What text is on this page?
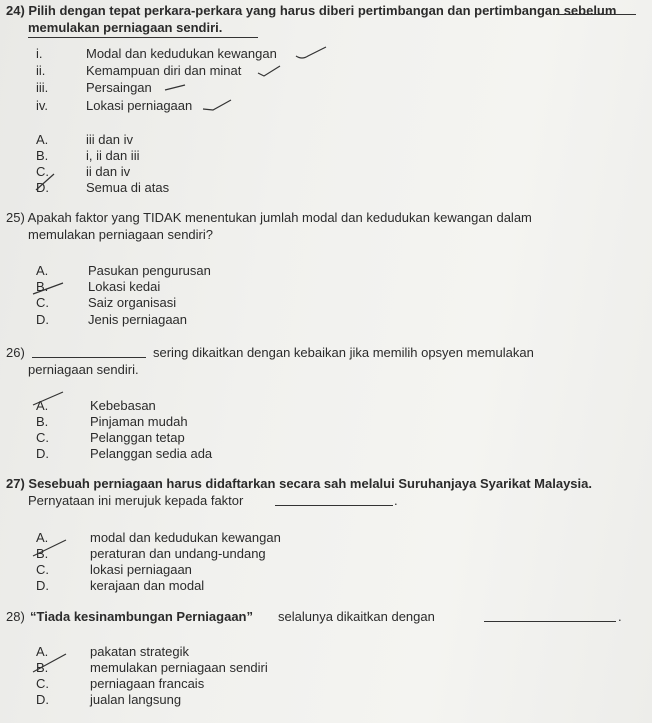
24) Pilih dengan tepat perkara-perkara yang harus diberi pertimbangan dan pertimbangan sebelum
memulakan perniagaan sendiri.
i.	Modal dan kedudukan kewangan
ii.	Kemampuan diri dan minat
iii.	Persaingan
iv.	Lokasi perniagaan
A.	iii dan iv
B.	i, ii dan iii
C.	ii dan iv
D.	Semua di atas
25) Apakah faktor yang TIDAK menentukan jumlah modal dan kedudukan kewangan dalam
memulakan perniagaan sendiri?
A.	Pasukan pengurusan
B.	Lokasi kedai
C.	Saiz organisasi
D.	Jenis perniagaan
26)	sering dikaitkan dengan kebaikan jika memilih opsyen memulakan
perniagaan sendiri.
A.	Kebebasan
B.	Pinjaman mudah
C.	Pelanggan tetap
D.	Pelanggan sedia ada
27) Sesebuah perniagaan harus didaftarkan secara sah melalui Suruhanjaya Syarikat Malaysia.
Pernyataan ini merujuk kepada faktor	.
A.	modal dan kedudukan kewangan
B.	peraturan dan undang-undang
C.	lokasi perniagaan
D.	kerajaan dan modal
28) “Tiada kesinambungan Perniagaan” selalunya dikaitkan dengan	.
A.	pakatan strategik
B.	memulakan perniagaan sendiri
C.	perniagaan francais
D.	jualan langsung
